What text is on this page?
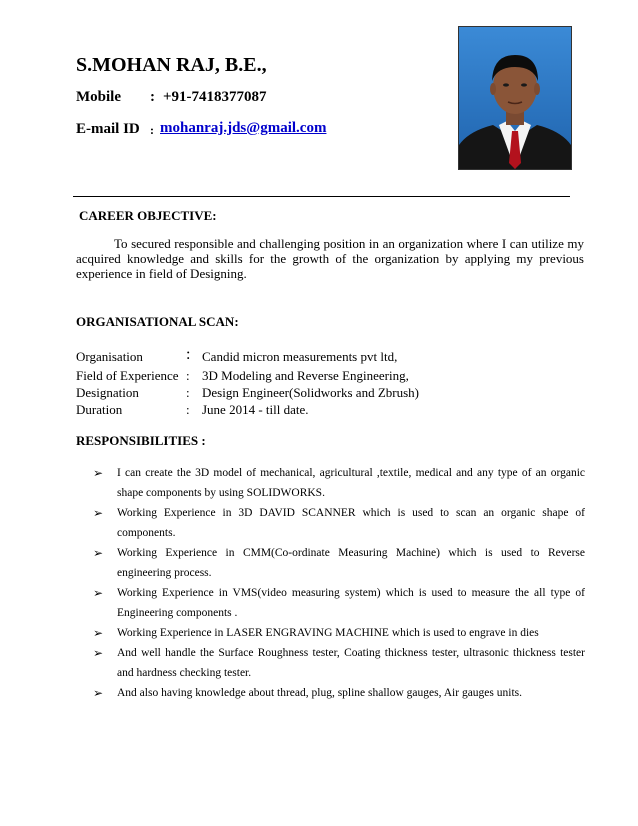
S.MOHAN RAJ, B.E.,
Mobile : +91-7418377087
E-mail ID : mohanraj.jds@gmail.com
CAREER OBJECTIVE:
To secured responsible and challenging position in an organization where I can utilize my acquired knowledge and skills for the growth of the organization by applying my previous experience in field of Designing.
ORGANISATIONAL SCAN:
Organisation	: Candid micron measurements pvt ltd,
Field of Experience : 3D Modeling and Reverse Engineering,
Designation	: Design Engineer(Solidworks and Zbrush)
Duration	: June 2014 - till date.
RESPONSIBILITIES :

➢ I can create the 3D model of mechanical, agricultural ,textile, medical and any type of an organic shape components by using SOLIDWORKS.

➢ Working Experience in 3D DAVID SCANNER which is used to scan an organic shape of components.

➢ Working Experience in CMM(Co-ordinate Measuring Machine) which is used to Reverse engineering process.

➢ Working Experience in VMS(video measuring system) which is used to measure the all type of Engineering components .

➢ Working Experience in LASER ENGRAVING MACHINE which is used to engrave in dies

➢ And well handle the Surface Roughness tester, Coating thickness tester, ultrasonic thickness tester and hardness checking tester.

➢ And also having knowledge about thread, plug, spline shallow gauges, Air gauges units.
